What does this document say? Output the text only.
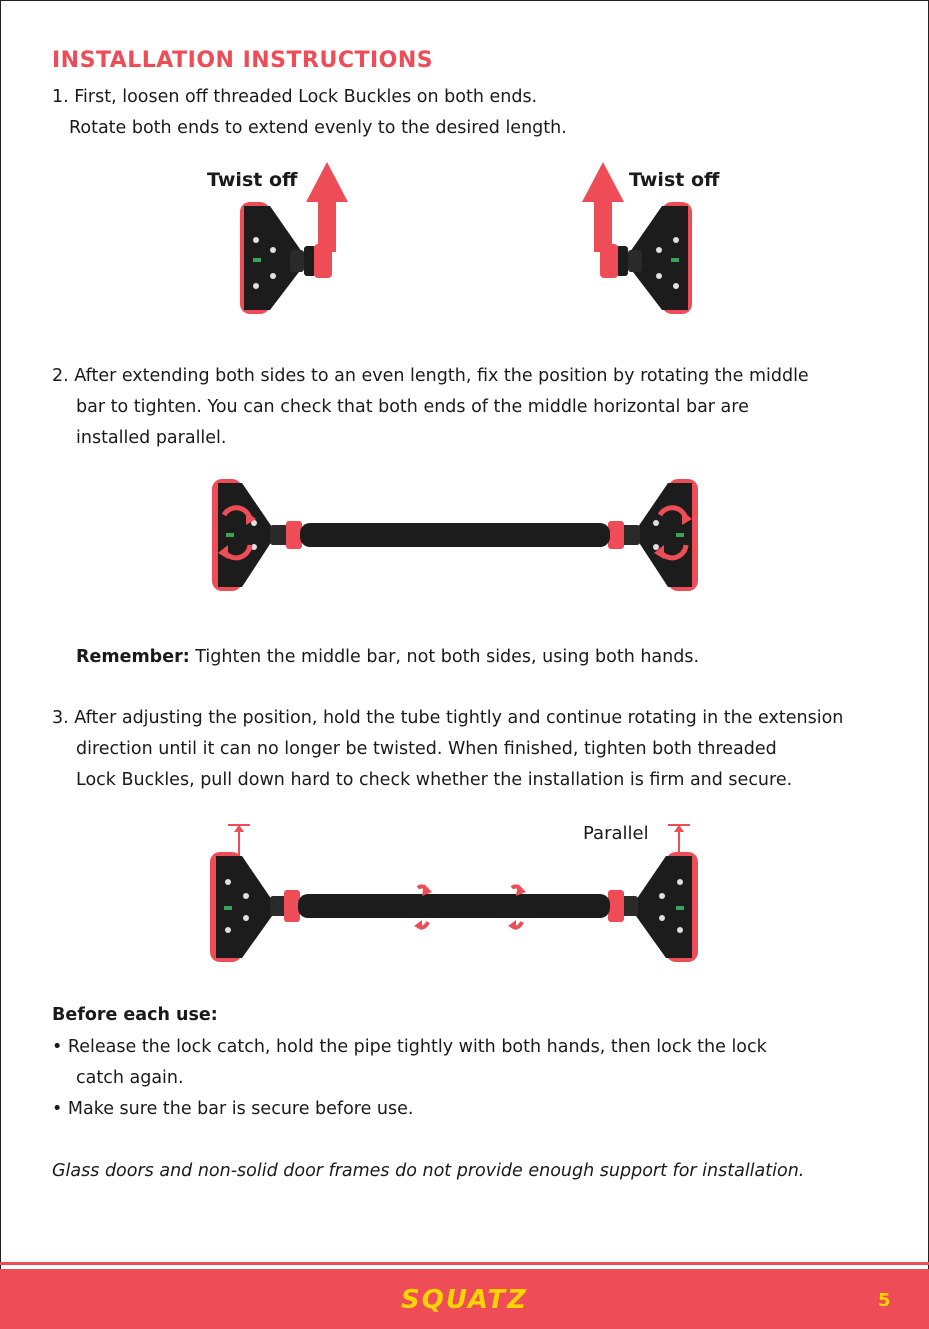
INSTALLATION INSTRUCTIONS
1. First, loosen off threaded Lock Buckles on both ends.
Rotate both ends to extend evenly to the desired length.
Twist off	Twist off
2. After extending both sides to an even length, fix the position by rotating the middle
bar to tighten. You can check that both ends of the middle horizontal bar are
installed parallel.
Remember: Tighten the middle bar, not both sides, using both hands.
3. After adjusting the position, hold the tube tightly and continue rotating in the extension
direction until it can no longer be twisted. When finished, tighten both threaded
Lock Buckles, pull down hard to check whether the installation is firm and secure.
Parallel
Before each use:
• Release the lock catch, hold the pipe tightly with both hands, then lock the lock
catch again.
• Make sure the bar is secure before use.
Glass doors and non-solid door frames do not provide enough support for installation.
SQUATZ	5
